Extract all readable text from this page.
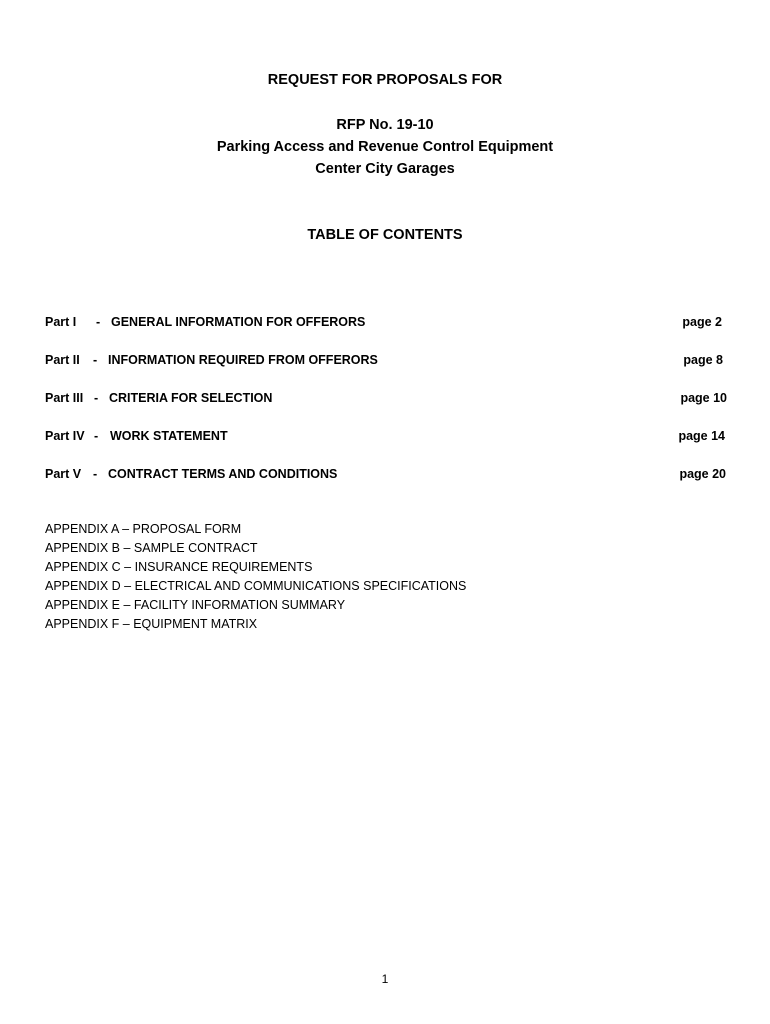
REQUEST FOR PROPOSALS FOR
RFP No. 19-10
Parking Access and Revenue Control Equipment
Center City Garages
TABLE OF CONTENTS
Part I - GENERAL INFORMATION FOR OFFERORS	page 2
Part II - INFORMATION REQUIRED FROM OFFERORS	page 8
Part III - CRITERIA FOR SELECTION	page 10
Part IV - WORK STATEMENT	page 14
Part V - CONTRACT TERMS AND CONDITIONS	page 20
APPENDIX A – PROPOSAL FORM
APPENDIX B – SAMPLE CONTRACT
APPENDIX C – INSURANCE REQUIREMENTS
APPENDIX D – ELECTRICAL AND COMMUNICATIONS SPECIFICATIONS
APPENDIX E – FACILITY INFORMATION SUMMARY
APPENDIX F – EQUIPMENT MATRIX
1
